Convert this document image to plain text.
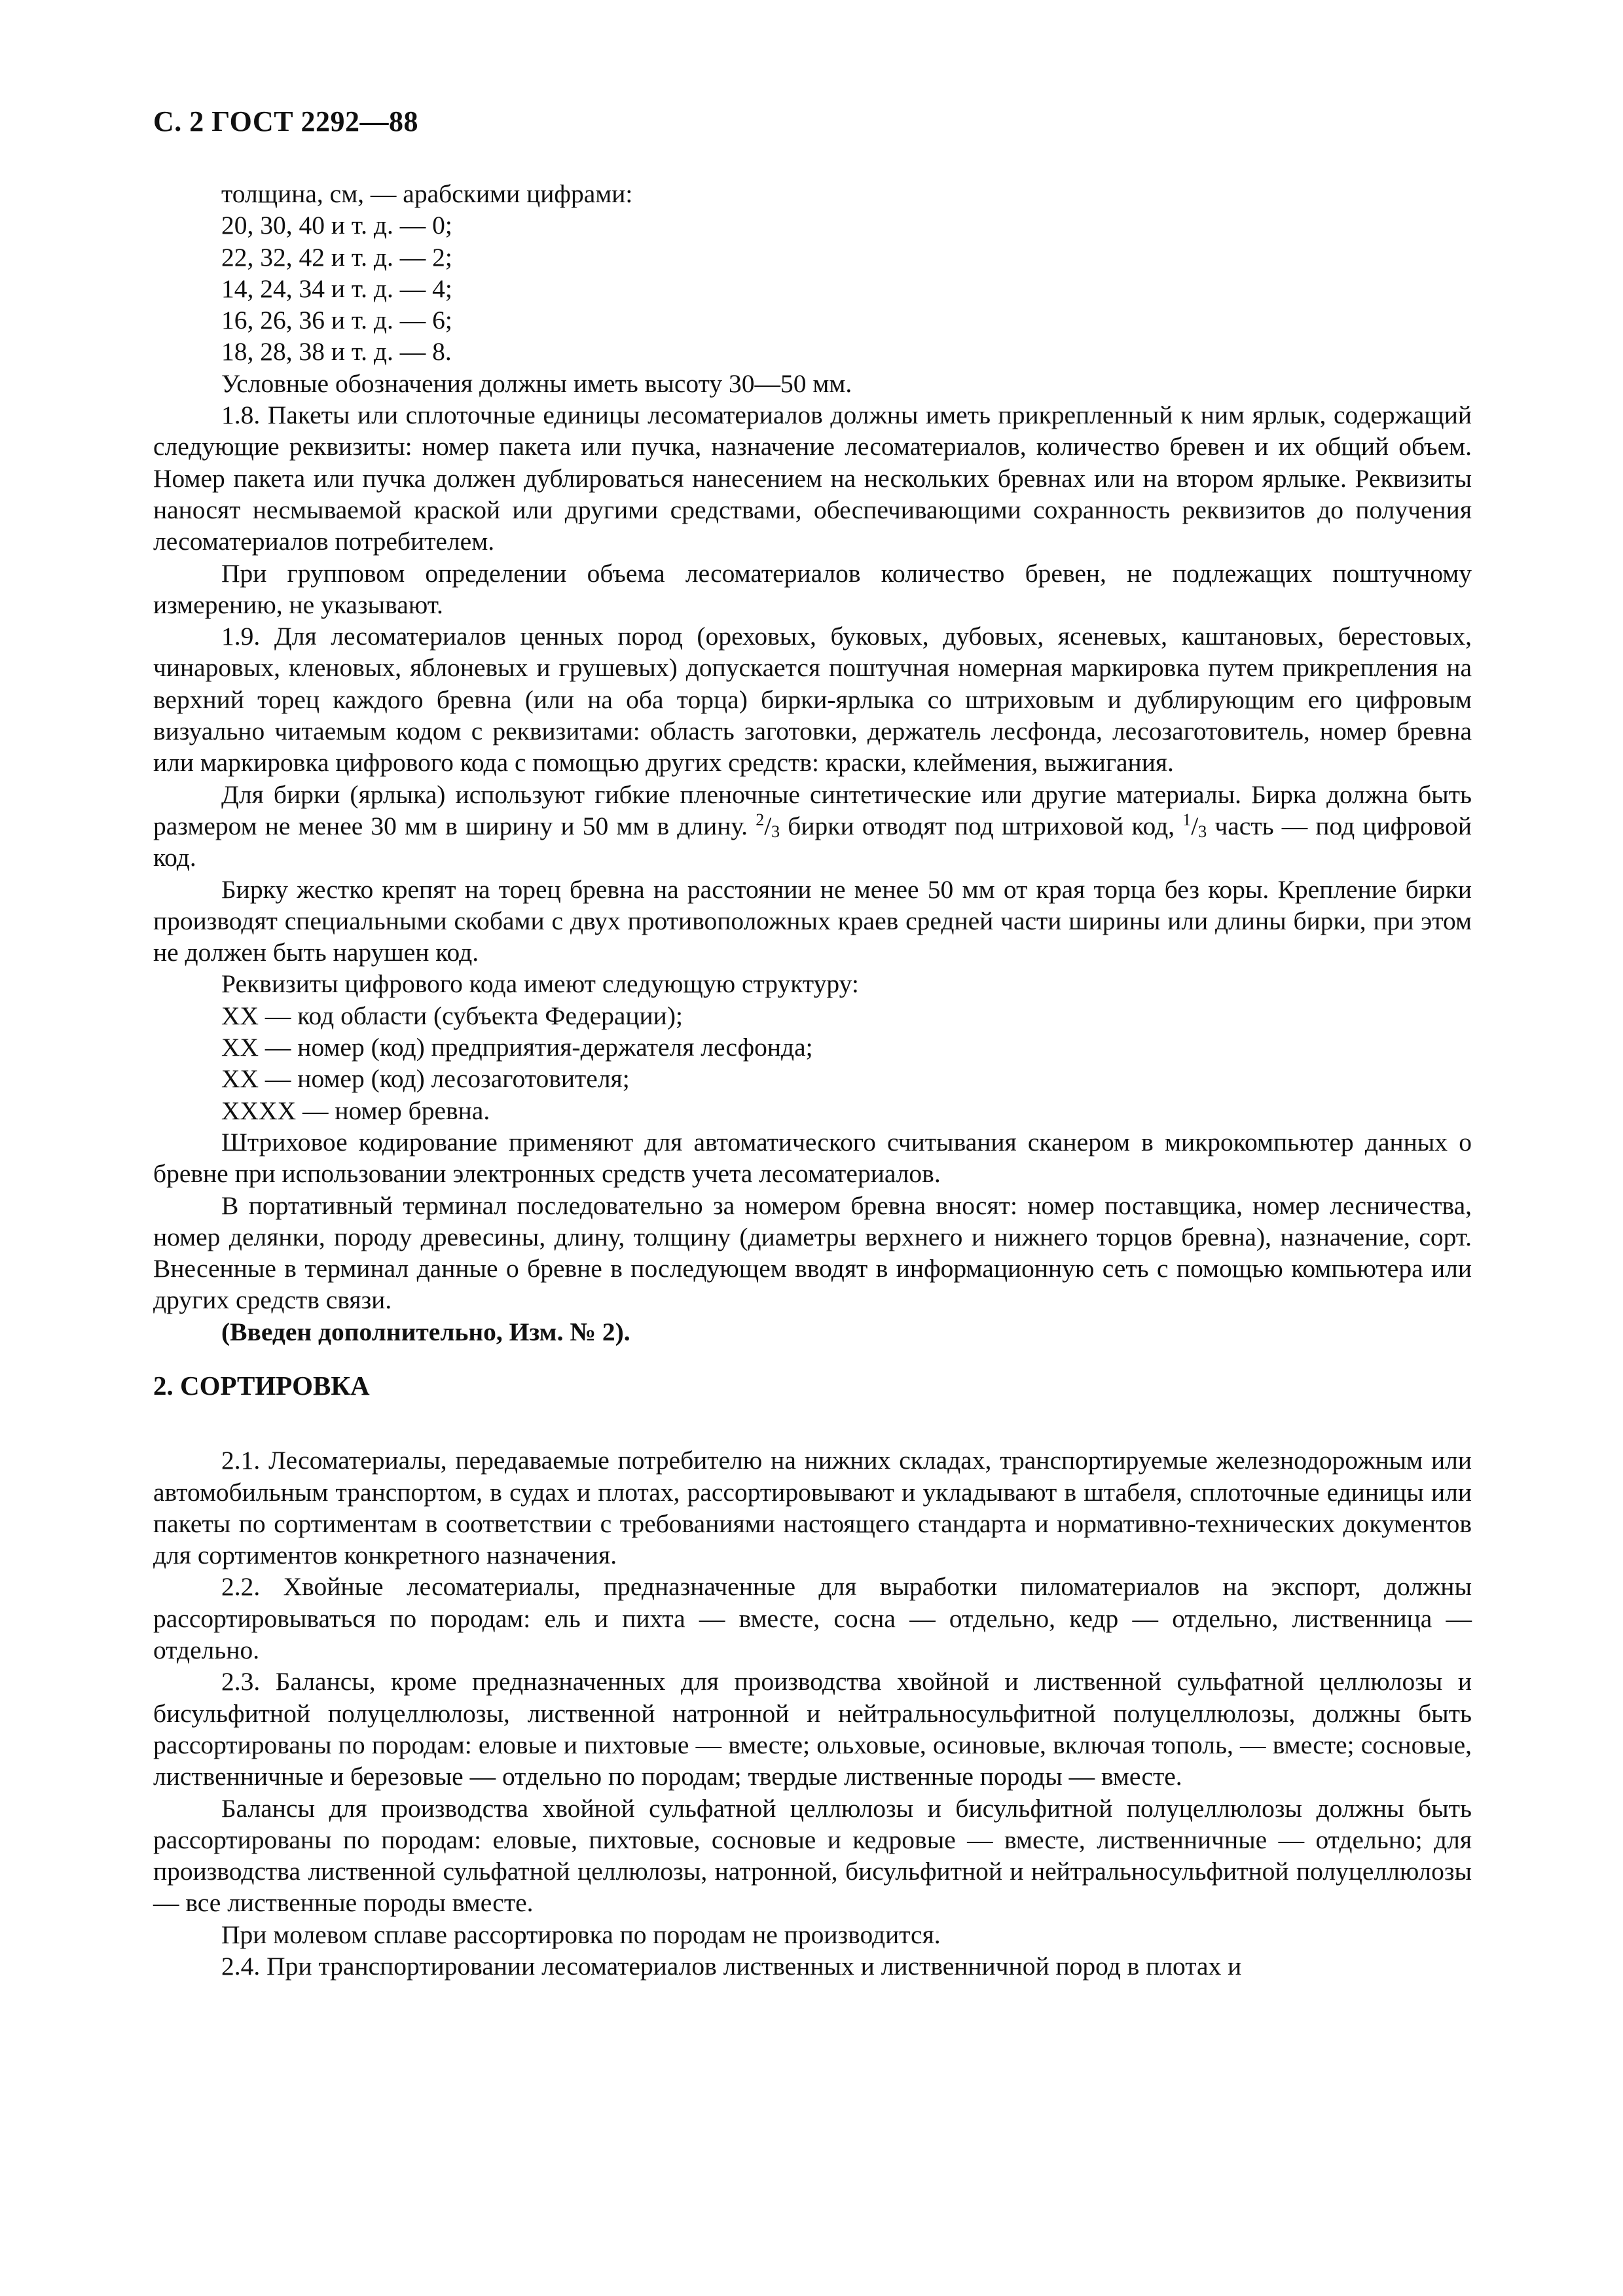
С. 2 ГОСТ 2292—88

толщина, см, — арабскими цифрами:

20, 30, 40 и т. д. — 0;

22, 32, 42 и т. д. — 2;

14, 24, 34 и т. д. — 4;

16, 26, 36 и т. д. — 6;

18, 28, 38 и т. д. — 8.

Условные обозначения должны иметь высоту 30—50 мм.

1.8. Пакеты или сплоточные единицы лесоматериалов должны иметь прикрепленный к ним ярлык, содержащий следующие реквизиты: номер пакета или пучка, назначение лесоматериалов, количество бревен и их общий объем. Номер пакета или пучка должен дублироваться нанесением на нескольких бревнах или на втором ярлыке. Реквизиты наносят несмываемой краской или другими средствами, обеспечивающими сохранность реквизитов до получения лесоматериалов потребителем.

При групповом определении объема лесоматериалов количество бревен, не подлежащих поштучному измерению, не указывают.

1.9. Для лесоматериалов ценных пород (ореховых, буковых, дубовых, ясеневых, каштановых, берестовых, чинаровых, кленовых, яблоневых и грушевых) допускается поштучная номерная маркировка путем прикрепления на верхний торец каждого бревна (или на оба торца) бирки-ярлыка со штриховым и дублирующим его цифровым визуально читаемым кодом с реквизитами: область заготовки, держатель лесфонда, лесозаготовитель, номер бревна или маркировка цифрового кода с помощью других средств: краски, клеймения, выжигания.

Для бирки (ярлыка) используют гибкие пленочные синтетические или другие материалы. Бирка должна быть размером не менее 30 мм в ширину и 50 мм в длину. $^2/_3$ бирки отводят под штриховой код, $^1/_3$ часть — под цифровой код.

Бирку жестко крепят на торец бревна на расстоянии не менее 50 мм от края торца без коры. Крепление бирки производят специальными скобами с двух противоположных краев средней части ширины или длины бирки, при этом не должен быть нарушен код.

Реквизиты цифрового кода имеют следующую структуру:

XX — код области (субъекта Федерации);

XX — номер (код) предприятия-держателя лесфонда;

XX — номер (код) лесозаготовителя;

XXXX — номер бревна.

Штриховое кодирование применяют для автоматического считывания сканером в микрокомпьютер данных о бревне при использовании электронных средств учета лесоматериалов.

В портативный терминал последовательно за номером бревна вносят: номер поставщика, номер лесничества, номер делянки, породу древесины, длину, толщину (диаметры верхнего и нижнего торцов бревна), назначение, сорт. Внесенные в терминал данные о бревне в последующем вводят в информационную сеть с помощью компьютера или других средств связи.

(Введен дополнительно, Изм. № 2).

2. СОРТИРОВКА

2.1. Лесоматериалы, передаваемые потребителю на нижних складах, транспортируемые железнодорожным или автомобильным транспортом, в судах и плотах, рассортировывают и укладывают в штабеля, сплоточные единицы или пакеты по сортиментам в соответствии с требованиями настоящего стандарта и нормативно-технических документов для сортиментов конкретного назначения.

2.2. Хвойные лесоматериалы, предназначенные для выработки пиломатериалов на экспорт, должны рассортировываться по породам: ель и пихта — вместе, сосна — отдельно, кедр — отдельно, лиственница — отдельно.

2.3. Балансы, кроме предназначенных для производства хвойной и лиственной сульфатной целлюлозы и бисульфитной полуцеллюлозы, лиственной натронной и нейтральносульфитной полуцеллюлозы, должны быть рассортированы по породам: еловые и пихтовые — вместе; ольховые, осиновые, включая тополь, — вместе; сосновые, лиственничные и березовые — отдельно по породам; твердые лиственные породы — вместе.

Балансы для производства хвойной сульфатной целлюлозы и бисульфитной полуцеллюлозы должны быть рассортированы по породам: еловые, пихтовые, сосновые и кедровые — вместе, лиственничные — отдельно; для производства лиственной сульфатной целлюлозы, натронной, бисульфитной и нейтральносульфитной полуцеллюлозы — все лиственные породы вместе.

При молевом сплаве рассортировка по породам не производится.

2.4. При транспортировании лесоматериалов лиственных и лиственничной пород в плотах и
